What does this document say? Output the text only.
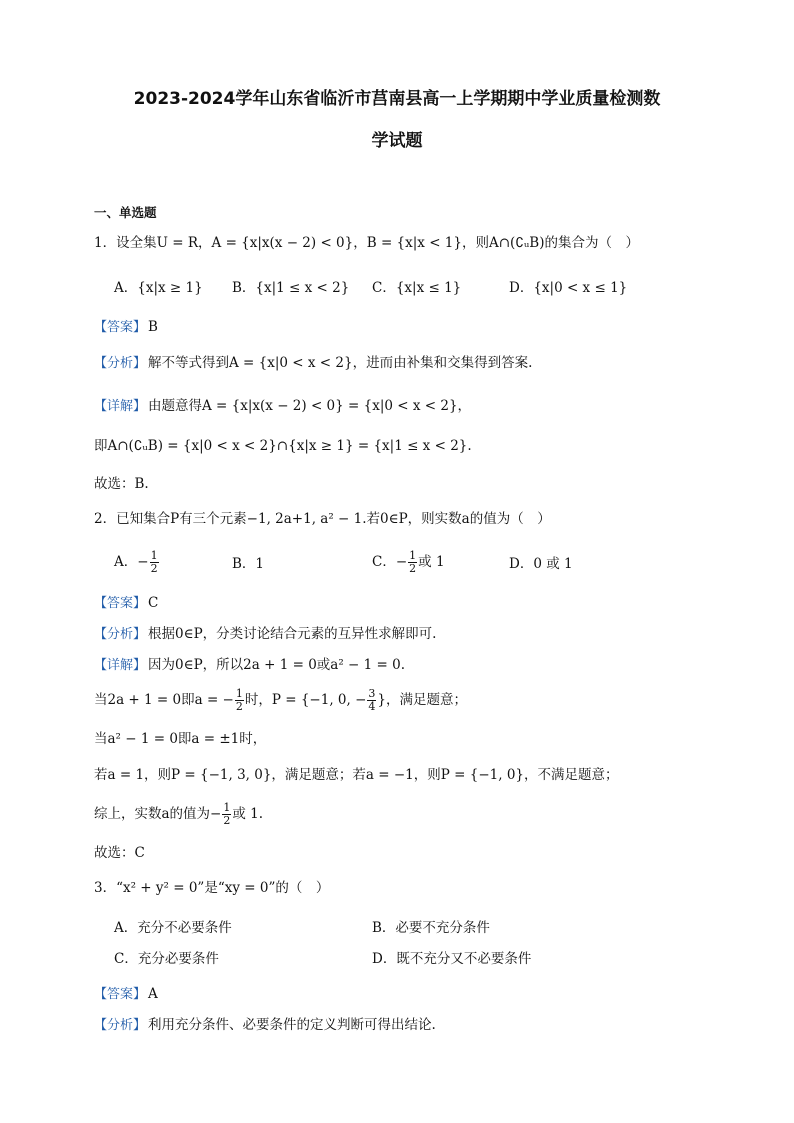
2023-2024学年山东省临沂市莒南县高一上学期期中学业质量检测数
学试题
一、单选题
1．设全集U = R，A = {x|x(x − 2) < 0}，B = {x|x < 1}，则A∩(∁ᵤB)的集合为（　）
A．{x|x ≥ 1} B．{x|1 ≤ x < 2} C．{x|x ≤ 1}	D．{x|0 < x ≤ 1}
【答案】 B
【分析】 解不等式得到A = {x|0 < x < 2}，进而由补集和交集得到答案.
【详解】 由题意得A = {x|x(x − 2) < 0} = {x|0 < x < 2}，
即A∩(∁ᵤB) = {x|0 < x < 2}∩{x|x ≥ 1} = {x|1 ≤ x < 2}.
故选：B.
2．已知集合P有三个元素−1, 2a+1, a² − 1.若0∈P，则实数a的值为（　）
A．− $\frac{1}{2}$	B．1	C．− $\frac{1}{2}$ 或 1	D．0 或 1
【答案】 C
【分析】 根据0∈P，分类讨论结合元素的互异性求解即可.
【详解】 因为0∈P，所以2a + 1 = 0或a² − 1 = 0.
当2a + 1 = 0即a = − $\frac{1}{2}$ 时，P = {−1, 0, − $\frac{3}{4}$ }，满足题意；
当a² − 1 = 0即a = ±1时，
若a = 1，则P = {−1, 3, 0}，满足题意；若a = −1，则P = {−1, 0}，不满足题意；
综上，实数a的值为− $\frac{1}{2}$ 或 1.
故选：C
3．“x² + y² = 0”是“xy = 0”的（　）
A．充分不必要条件	B．必要不充分条件
C．充分必要条件	D．既不充分又不必要条件
【答案】 A
【分析】 利用充分条件、必要条件的定义判断可得出结论.
